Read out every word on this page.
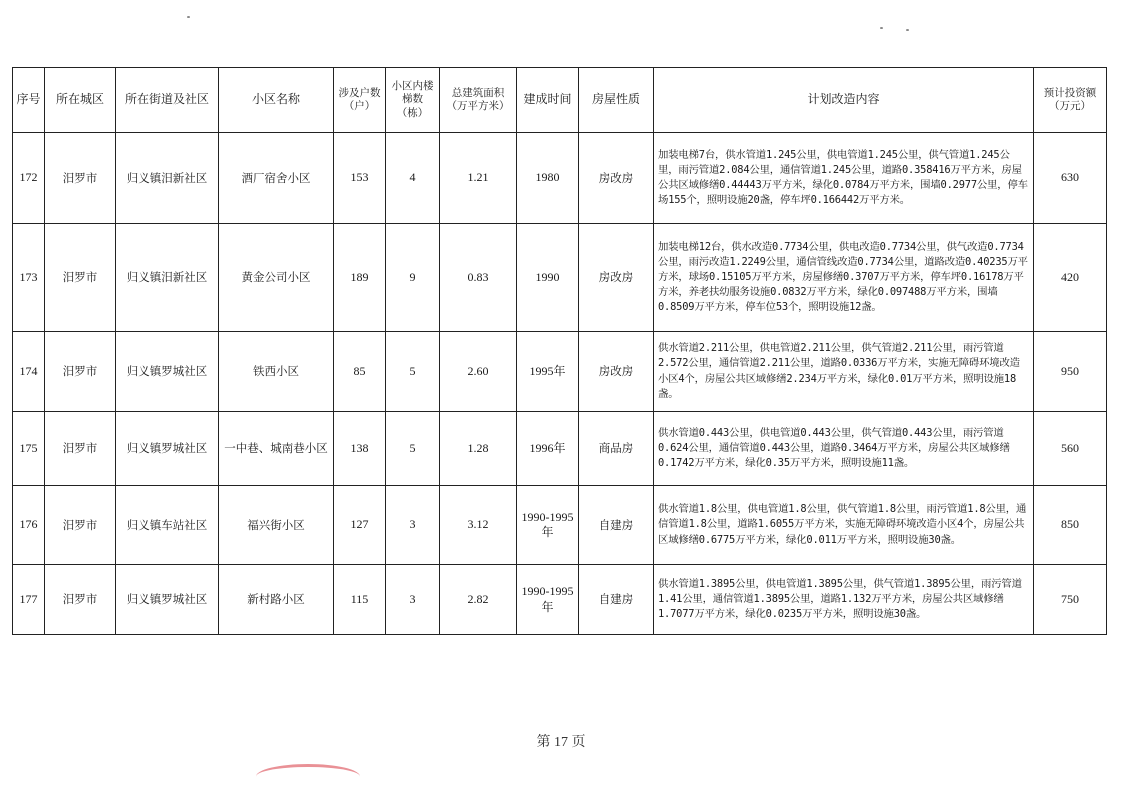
序号	所在城区	所在街道及社区	小区名称	涉及户数（户）	小区内楼梯数（栋）	总建筑面积（万平方米）	建成时间	房屋性质	计划改造内容	预计投资额（万元）
172	汨罗市	归义镇汨新社区	酒厂宿舍小区	153	4	1.21	1980	房改房	加装电梯7台，供水管道1.245公里，供电管道1.245公里，供气管道1.245公里，雨污管道2.084公里，通信管道1.245公里，道路0.358416万平方米，房屋公共区域修缮0.44443万平方米，绿化0.0784万平方米，围墙0.2977公里，停车场155个，照明设施20盏，停车坪0.166442万平方米。	630
173	汨罗市	归义镇汨新社区	黄金公司小区	189	9	0.83	1990	房改房	加装电梯12台，供水改造0.7734公里，供电改造0.7734公里，供气改造0.7734公里，雨污改造1.2249公里，通信管线改造0.7734公里，道路改造0.40235万平方米，球场0.15105万平方米，房屋修缮0.3707万平方米，停车坪0.16178万平方米，养老扶幼服务设施0.0832万平方米，绿化0.097488万平方米，围墙0.8509万平方米，停车位53个，照明设施12盏。	420
174	汨罗市	归义镇罗城社区	铁西小区	85	5	2.60	1995年	房改房	供水管道2.211公里，供电管道2.211公里，供气管道2.211公里，雨污管道2.572公里，通信管道2.211公里，道路0.0336万平方米，实施无障碍环境改造小区4个，房屋公共区域修缮2.234万平方米，绿化0.01万平方米，照明设施18盏。	950
175	汨罗市	归义镇罗城社区	一中巷、城南巷小区	138	5	1.28	1996年	商品房	供水管道0.443公里，供电管道0.443公里，供气管道0.443公里，雨污管道0.624公里，通信管道0.443公里，道路0.3464万平方米，房屋公共区域修缮0.1742万平方米，绿化0.35万平方米，照明设施11盏。	560
176	汨罗市	归义镇车站社区	福兴街小区	127	3	3.12	1990-1995年	自建房	供水管道1.8公里，供电管道1.8公里，供气管道1.8公里，雨污管道1.8公里，通信管道1.8公里，道路1.6055万平方米，实施无障碍环境改造小区4个，房屋公共区域修缮0.6775万平方米，绿化0.011万平方米，照明设施30盏。	850
177	汨罗市	归义镇罗城社区	新村路小区	115	3	2.82	1990-1995年	自建房	供水管道1.3895公里，供电管道1.3895公里，供气管道1.3895公里，雨污管道1.41公里，通信管道1.3895公里，道路1.132万平方米，房屋公共区域修缮1.7077万平方米，绿化0.0235万平方米，照明设施30盏。	750
第 17 页
